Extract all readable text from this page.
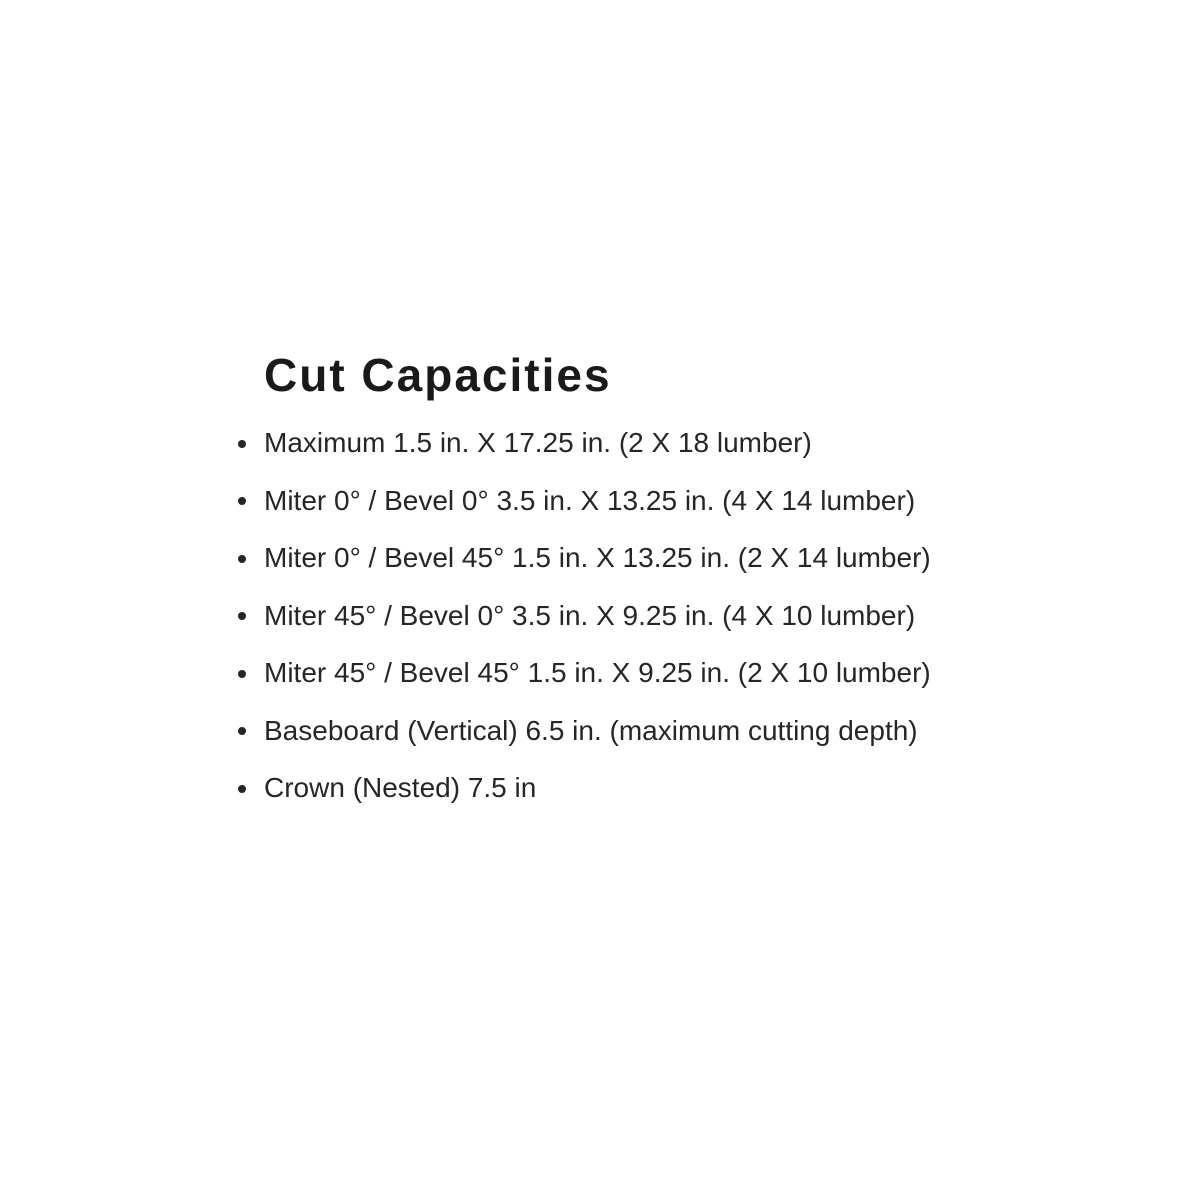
Cut Capacities
Maximum 1.5 in. X 17.25 in. (2 X 18 lumber)
Miter 0° / Bevel 0° 3.5 in. X 13.25 in. (4 X 14 lumber)
Miter 0° / Bevel 45° 1.5 in. X 13.25 in. (2 X 14 lumber)
Miter 45° / Bevel 0° 3.5 in. X 9.25 in. (4 X 10 lumber)
Miter 45° / Bevel 45° 1.5 in. X 9.25 in. (2 X 10 lumber)
Baseboard (Vertical) 6.5 in. (maximum cutting depth)
Crown (Nested) 7.5 in
